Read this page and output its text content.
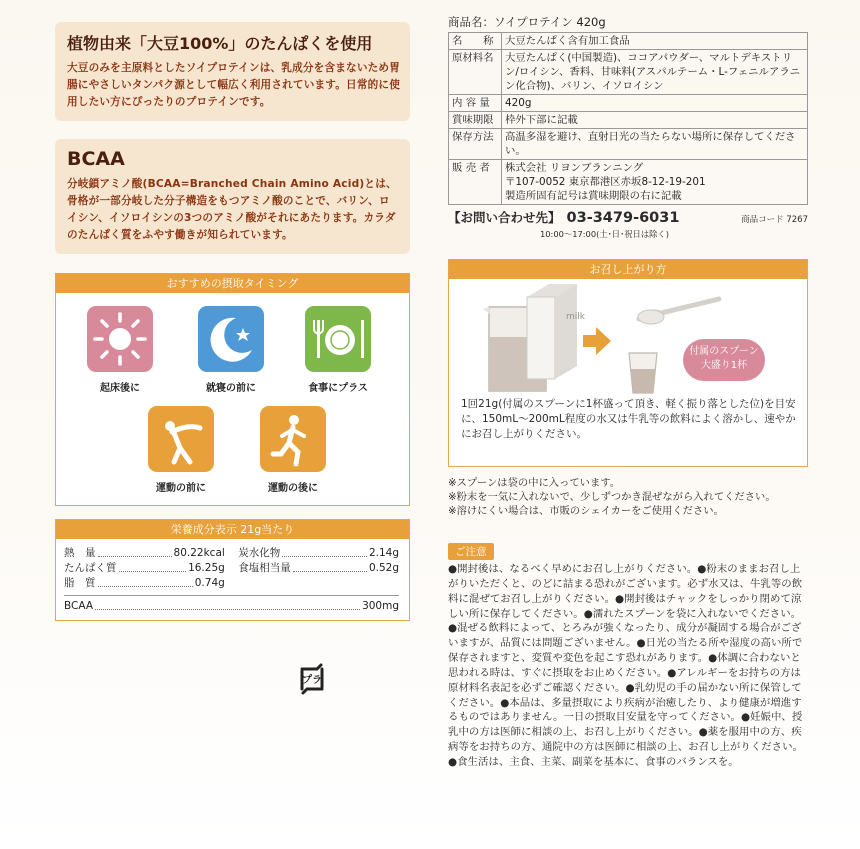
植物由来「大豆100%」のたんぱくを使用

大豆のみを主原料としたソイプロテインは、乳成分を含まないため胃腸にやさしいタンパク源として幅広く利用されています。日常的に使用したい方にぴったりのプロテインです。

BCAA

分岐鎖アミノ酸(BCAA=Branched Chain Amino Acid)とは、骨格が一部分岐した分子構造をもつアミノ酸のことで、バリン、ロイシン、イソロイシンの3つのアミノ酸がそれにあたります。カラダのたんぱく質をふやす働きが知られています。

おすすめの摂取タイミング
起床後に	就寝の前に	食事にプラス
運動の前に	運動の後に
栄養成分表示 21g当たり
熱　量	80.22kcal 炭水化物	2.14g
たんぱく質	16.25g 食塩相当量	0.52g
脂　質	0.74g
BCAA	300mg
プラ
商品名：ソイプロテイン 420g
名　　称	大豆たんぱく含有加工食品
原材料名	大豆たんぱく(中国製造)、ココアパウダー、マルトデキストリン/ロイシン、香料、甘味料(アスパルテーム・L-フェニルアラニン化合物)、バリン、イソロイシン
内 容 量	420g
賞味期限	枠外下部に記載
保存方法	高温多湿を避け、直射日光の当たらない場所に保存してください。
販 売 者	株式会社 リヨンブランニング
〒107-0052 東京都港区赤坂8-12-19-201
製造所固有記号は賞味期限の右に記載
【お問い合わせ先】 03-3479-6031	商品コード 7267
10:00～17:00(土･日･祝日は除く)
お召し上がり方
milk
付属のスプーン
大盛り1杯
1回21g(付属のスプーンに1杯盛って頂き、軽く振り落とした位)を目安に、150mL～200mL程度の水又は牛乳等の飲料によく溶かし、速やかにお召し上がりください。
※スプーンは袋の中に入っています。
※粉末を一気に入れないで、少しずつかき混ぜながら入れてください。
※溶けにくい場合は、市販のシェイカーをご使用ください。
ご注意
●開封後は、なるべく早めにお召し上がりください。●粉末のままお召し上がりいただくと、のどに詰まる恐れがございます。必ず水又は、牛乳等の飲料に混ぜてお召し上がりください。●開封後はチャックをしっかり閉めて涼しい所に保存してください。●濡れたスプーンを袋に入れないでください。●混ぜる飲料によって、とろみが強くなったり、成分が凝固する場合がございますが、品質には問題ございません。●日光の当たる所や湿度の高い所で保存されますと、変質や変色を起こす恐れがあります。●体調に合わないと思われる時は、すぐに摂取をお止めください。●アレルギーをお持ちの方は原材料名表記を必ずご確認ください。●乳幼児の手の届かない所に保管してください。●本品は、多量摂取により疾病が治癒したり、より健康が増進するものではありません。一日の摂取目安量を守ってください。●妊娠中、授乳中の方は医師に相談の上、お召し上がりください。●薬を服用中の方、疾病等をお持ちの方、通院中の方は医師に相談の上、お召し上がりください。●食生活は、主食、主菜、副菜を基本に、食事のバランスを。
